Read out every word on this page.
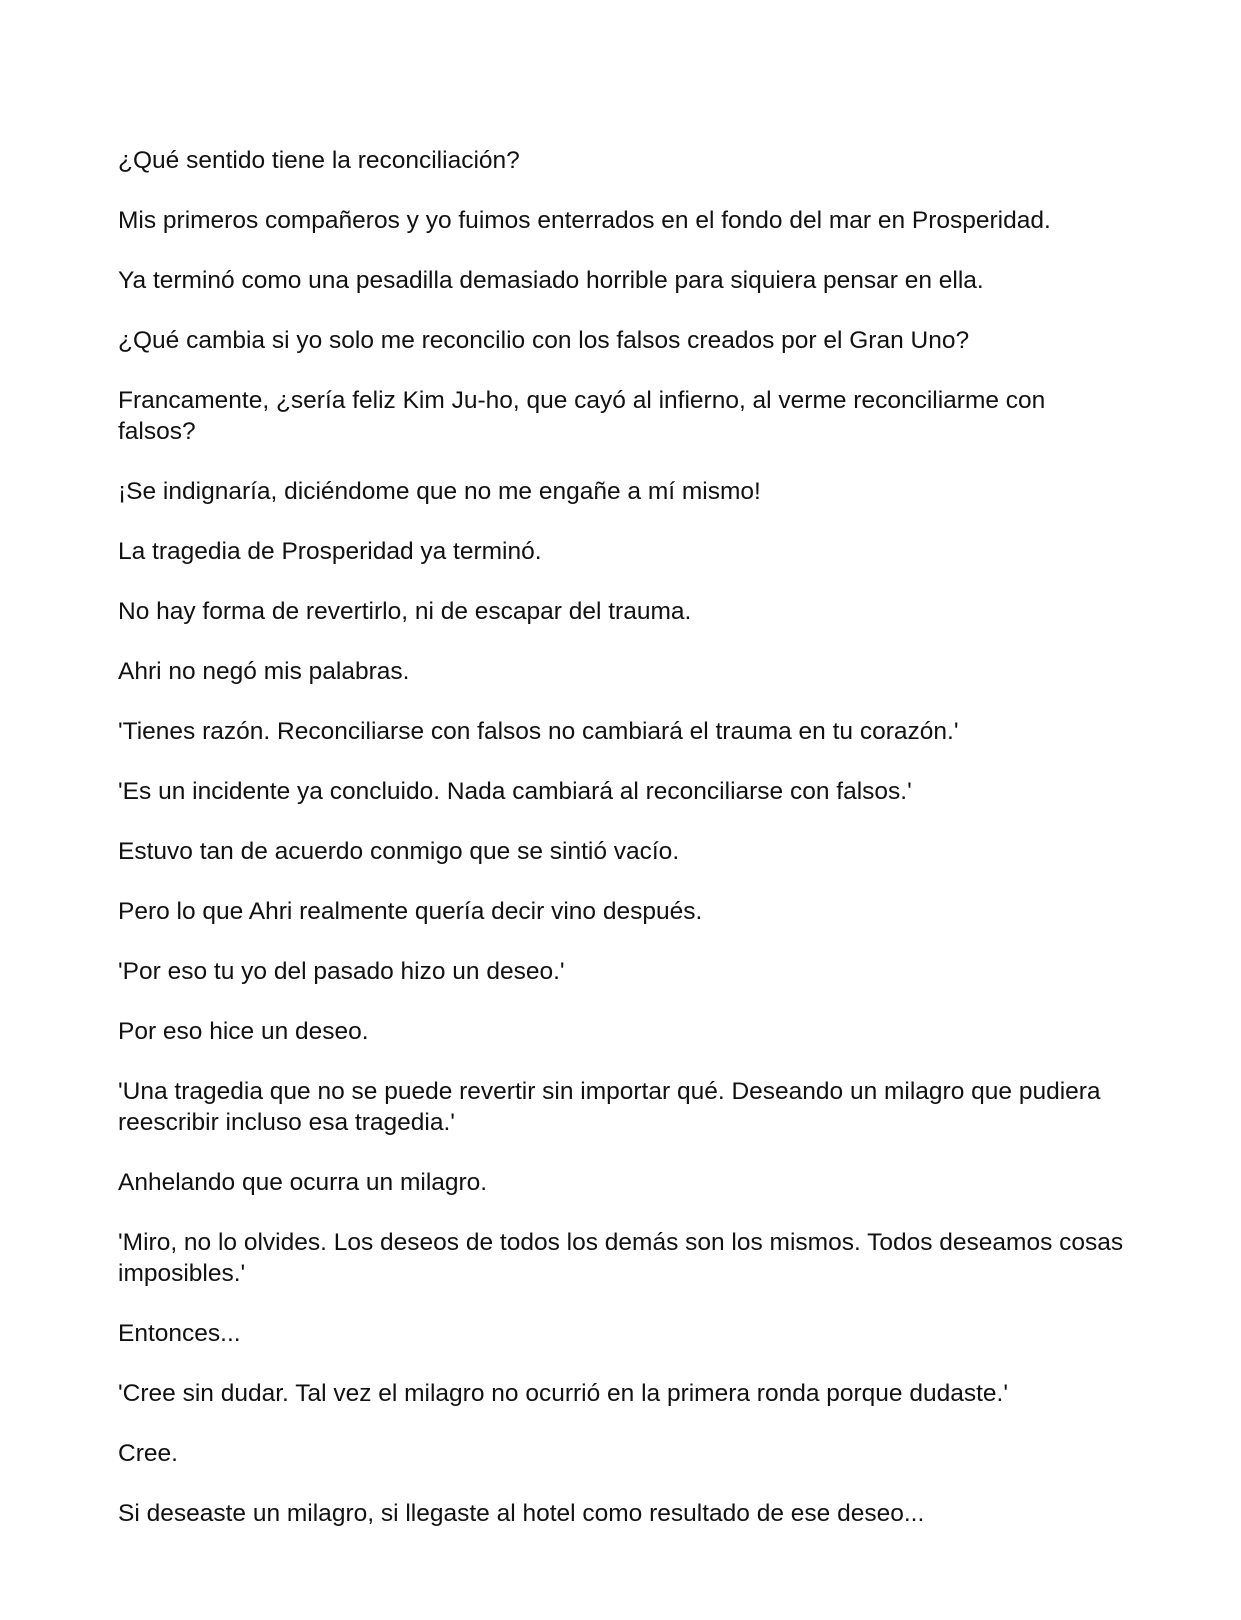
¿Qué sentido tiene la reconciliación?

Mis primeros compañeros y yo fuimos enterrados en el fondo del mar en Prosperidad.

Ya terminó como una pesadilla demasiado horrible para siquiera pensar en ella.

¿Qué cambia si yo solo me reconcilio con los falsos creados por el Gran Uno?

Francamente, ¿sería feliz Kim Ju-ho, que cayó al infierno, al verme reconciliarme con falsos?

¡Se indignaría, diciéndome que no me engañe a mí mismo!

La tragedia de Prosperidad ya terminó.

No hay forma de revertirlo, ni de escapar del trauma.

Ahri no negó mis palabras.

'Tienes razón. Reconciliarse con falsos no cambiará el trauma en tu corazón.'

'Es un incidente ya concluido. Nada cambiará al reconciliarse con falsos.'

Estuvo tan de acuerdo conmigo que se sintió vacío.

Pero lo que Ahri realmente quería decir vino después.

'Por eso tu yo del pasado hizo un deseo.'

Por eso hice un deseo.

'Una tragedia que no se puede revertir sin importar qué. Deseando un milagro que pudiera reescribir incluso esa tragedia.'

Anhelando que ocurra un milagro.

'Miro, no lo olvides. Los deseos de todos los demás son los mismos. Todos deseamos cosas imposibles.'

Entonces...

'Cree sin dudar. Tal vez el milagro no ocurrió en la primera ronda porque dudaste.'

Cree.

Si deseaste un milagro, si llegaste al hotel como resultado de ese deseo...
